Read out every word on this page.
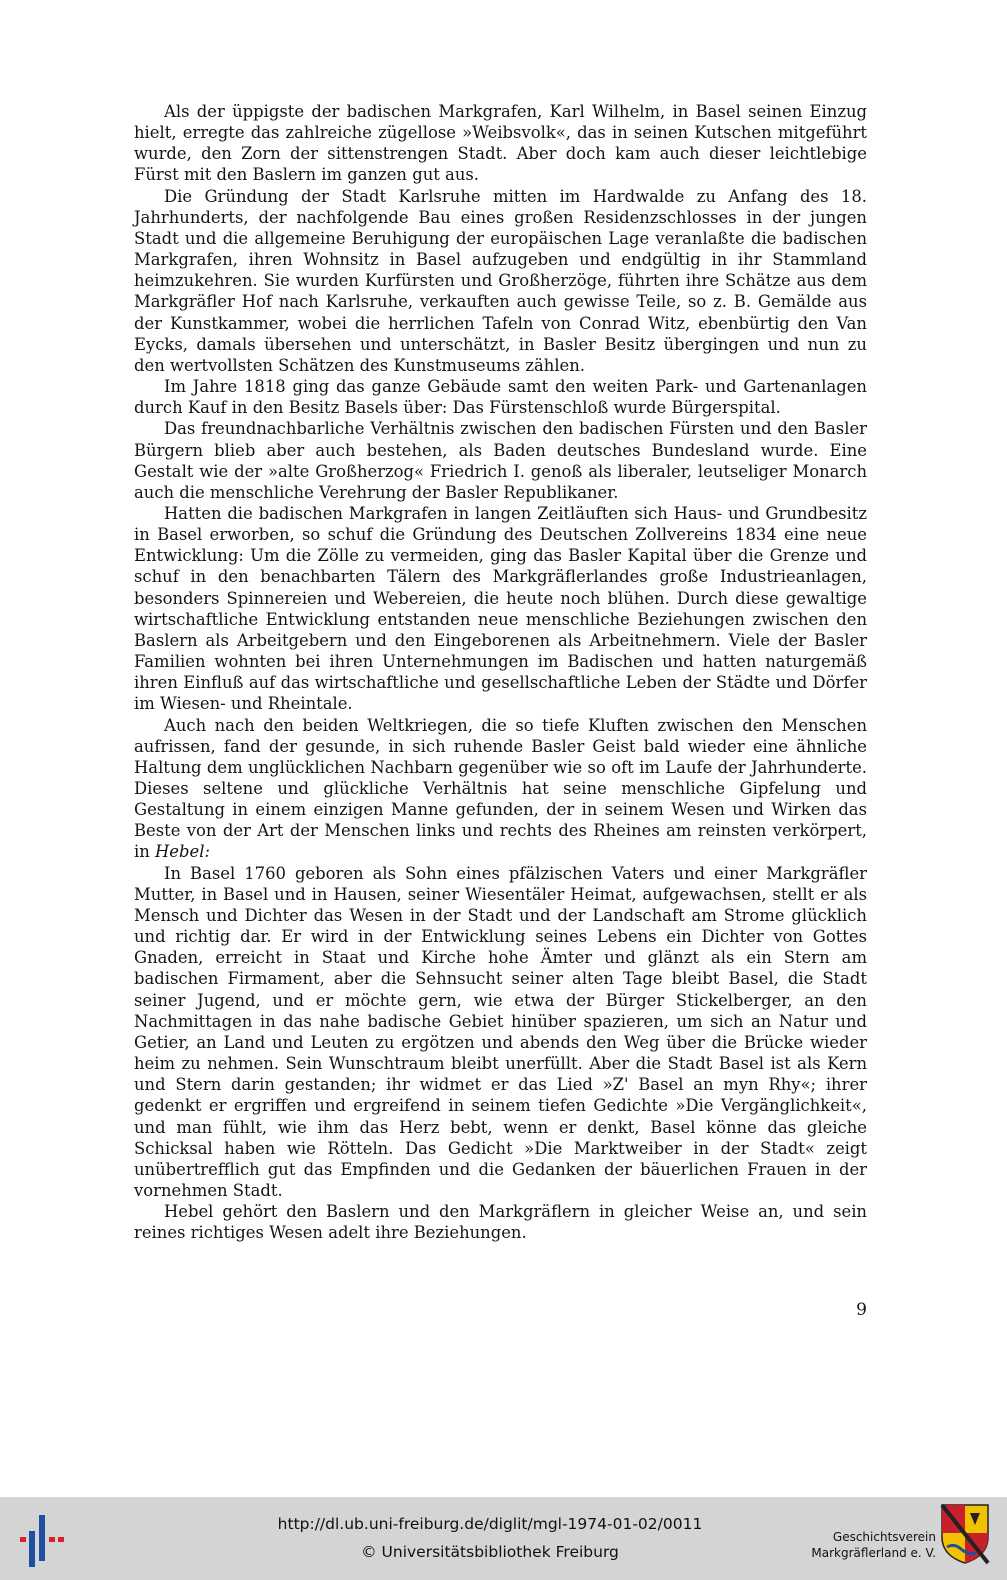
Als der üppigste der badischen Markgrafen, Karl Wilhelm, in Basel seinen Einzug hielt, erregte das zahlreiche zügellose »Weibsvolk«, das in seinen Kutschen mitgeführt wurde, den Zorn der sittenstrengen Stadt. Aber doch kam auch dieser leichtlebige Fürst mit den Baslern im ganzen gut aus.

Die Gründung der Stadt Karlsruhe mitten im Hardwalde zu Anfang des 18. Jahrhunderts, der nachfolgende Bau eines großen Residenzschlosses in der jungen Stadt und die allgemeine Beruhigung der europäischen Lage veranlaßte die badischen Markgrafen, ihren Wohnsitz in Basel aufzugeben und endgültig in ihr Stammland heimzukehren. Sie wurden Kurfürsten und Großherzöge, führten ihre Schätze aus dem Markgräfler Hof nach Karlsruhe, verkauften auch gewisse Teile, so z. B. Gemälde aus der Kunstkammer, wobei die herrlichen Tafeln von Conrad Witz, ebenbürtig den Van Eycks, damals übersehen und unterschätzt, in Basler Besitz übergingen und nun zu den wertvollsten Schätzen des Kunstmuseums zählen.

Im Jahre 1818 ging das ganze Gebäude samt den weiten Park- und Gartenanlagen durch Kauf in den Besitz Basels über: Das Fürstenschloß wurde Bürgerspital.

Das freundnachbarliche Verhältnis zwischen den badischen Fürsten und den Basler Bürgern blieb aber auch bestehen, als Baden deutsches Bundesland wurde. Eine Gestalt wie der »alte Großherzog« Friedrich I. genoß als liberaler, leutseliger Monarch auch die menschliche Verehrung der Basler Republikaner.

Hatten die badischen Markgrafen in langen Zeitläuften sich Haus- und Grundbesitz in Basel erworben, so schuf die Gründung des Deutschen Zollvereins 1834 eine neue Entwicklung: Um die Zölle zu vermeiden, ging das Basler Kapital über die Grenze und schuf in den benachbarten Tälern des Markgräflerlandes große Industrieanlagen, besonders Spinnereien und Webereien, die heute noch blühen. Durch diese gewaltige wirtschaftliche Entwicklung entstanden neue menschliche Beziehungen zwischen den Baslern als Arbeitgebern und den Eingeborenen als Arbeitnehmern. Viele der Basler Familien wohnten bei ihren Unternehmungen im Badischen und hatten naturgemäß ihren Einfluß auf das wirtschaftliche und gesellschaftliche Leben der Städte und Dörfer im Wiesen- und Rheintale.

Auch nach den beiden Weltkriegen, die so tiefe Kluften zwischen den Menschen aufrissen, fand der gesunde, in sich ruhende Basler Geist bald wieder eine ähnliche Haltung dem unglücklichen Nachbarn gegenüber wie so oft im Laufe der Jahrhunderte. Dieses seltene und glückliche Verhältnis hat seine menschliche Gipfelung und Gestaltung in einem einzigen Manne gefunden, der in seinem Wesen und Wirken das Beste von der Art der Menschen links und rechts des Rheines am reinsten verkörpert, in Hebel:

In Basel 1760 geboren als Sohn eines pfälzischen Vaters und einer Markgräfler Mutter, in Basel und in Hausen, seiner Wiesentäler Heimat, aufgewachsen, stellt er als Mensch und Dichter das Wesen in der Stadt und der Landschaft am Strome glücklich und richtig dar. Er wird in der Entwicklung seines Lebens ein Dichter von Gottes Gnaden, erreicht in Staat und Kirche hohe Ämter und glänzt als ein Stern am badischen Firmament, aber die Sehnsucht seiner alten Tage bleibt Basel, die Stadt seiner Jugend, und er möchte gern, wie etwa der Bürger Stickelberger, an den Nachmittagen in das nahe badische Gebiet hinüber spazieren, um sich an Natur und Getier, an Land und Leuten zu ergötzen und abends den Weg über die Brücke wieder heim zu nehmen. Sein Wunschtraum bleibt unerfüllt. Aber die Stadt Basel ist als Kern und Stern darin gestanden; ihr widmet er das Lied »Z' Basel an myn Rhy«; ihrer gedenkt er ergriffen und ergreifend in seinem tiefen Gedichte »Die Vergänglichkeit«, und man fühlt, wie ihm das Herz bebt, wenn er denkt, Basel könne das gleiche Schicksal haben wie Rötteln. Das Gedicht »Die Marktweiber in der Stadt« zeigt unübertrefflich gut das Empfinden und die Gedanken der bäuerlichen Frauen in der vornehmen Stadt.

Hebel gehört den Baslern und den Markgräflern in gleicher Weise an, und sein reines richtiges Wesen adelt ihre Beziehungen.

9
http://dl.ub.uni-freiburg.de/diglit/mgl-1974-01-02/0011
© Universitätsbibliothek Freiburg
Geschichtsverein
Markgräflerland e. V.
